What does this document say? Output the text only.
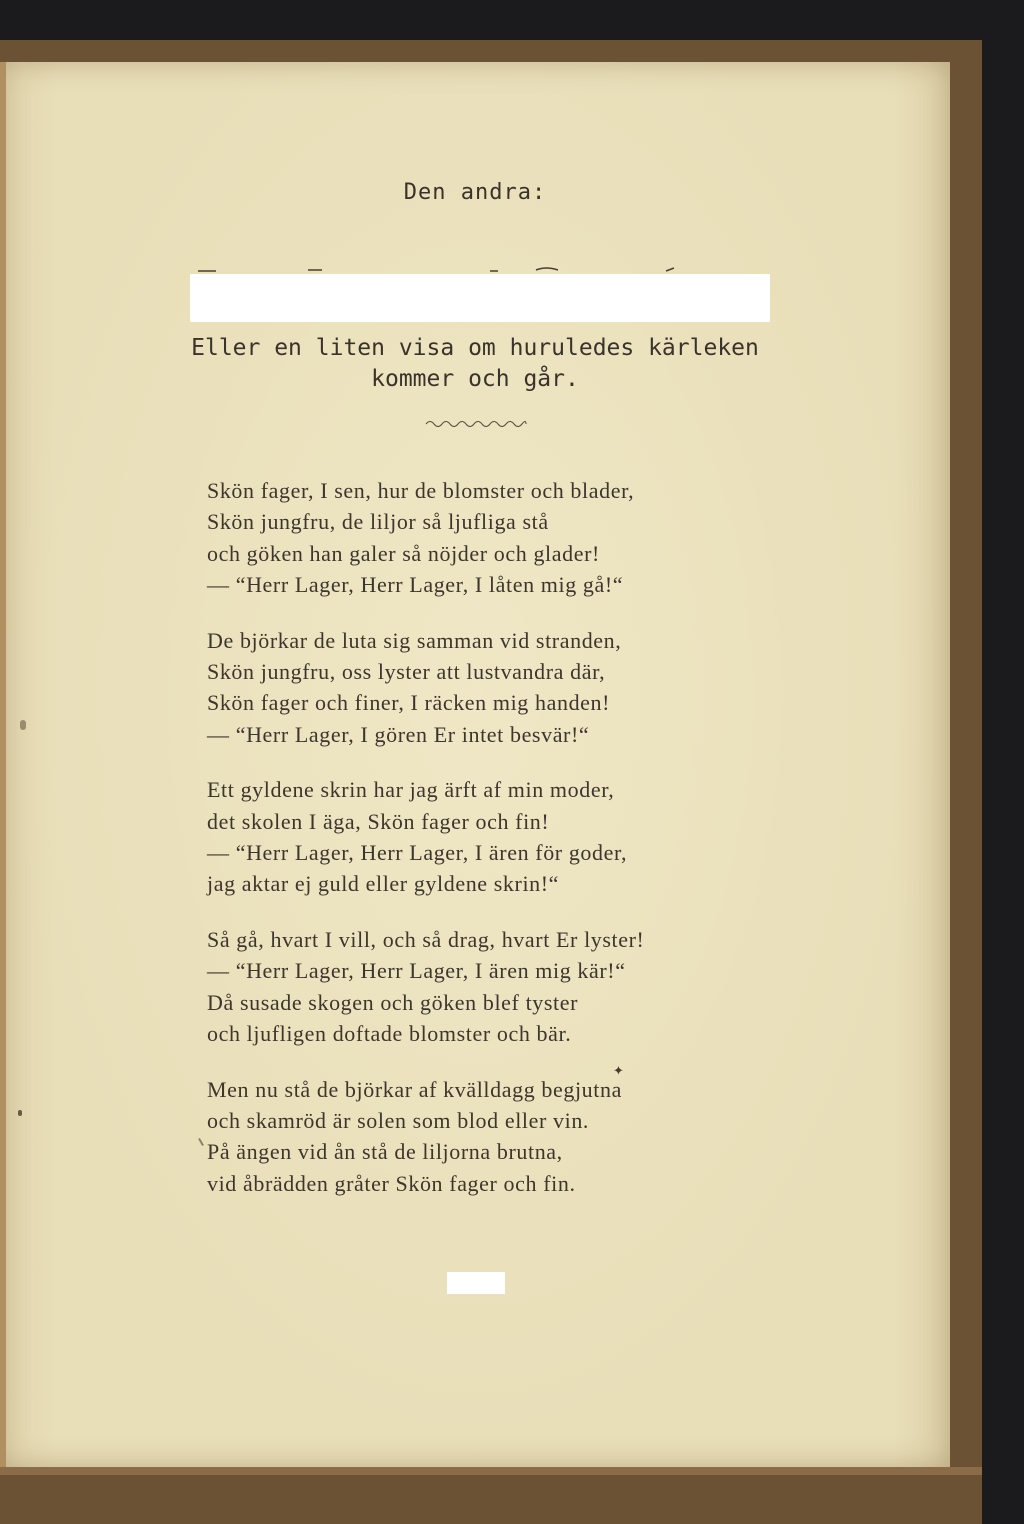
Den andra:
Eller en liten visa om huruledes kärleken
kommer och går.
Skön fager, I sen, hur de blomster och blader,
Skön jungfru, de liljor så ljufliga stå
och göken han galer så nöjder och glader!
— “Herr Lager, Herr Lager, I låten mig gå!“
De björkar de luta sig samman vid stranden,
Skön jungfru, oss lyster att lustvandra där,
Skön fager och finer, I räcken mig handen!
— “Herr Lager, I gören Er intet besvär!“
Ett gyldene skrin har jag ärft af min moder,
det skolen I äga, Skön fager och fin!
— “Herr Lager, Herr Lager, I ären för goder,
jag aktar ej guld eller gyldene skrin!“
Så gå, hvart I vill, och så drag, hvart Er lyster!
— “Herr Lager, Herr Lager, I ären mig kär!“
Då susade skogen och göken blef tyster
och ljufligen doftade blomster och bär.
Men nu stå de björkar af kvälldagg begjutna
och skamröd är solen som blod eller vin.
På ängen vid ån stå de liljorna brutna,
vid åbrädden gråter Skön fager och fin.
✦
